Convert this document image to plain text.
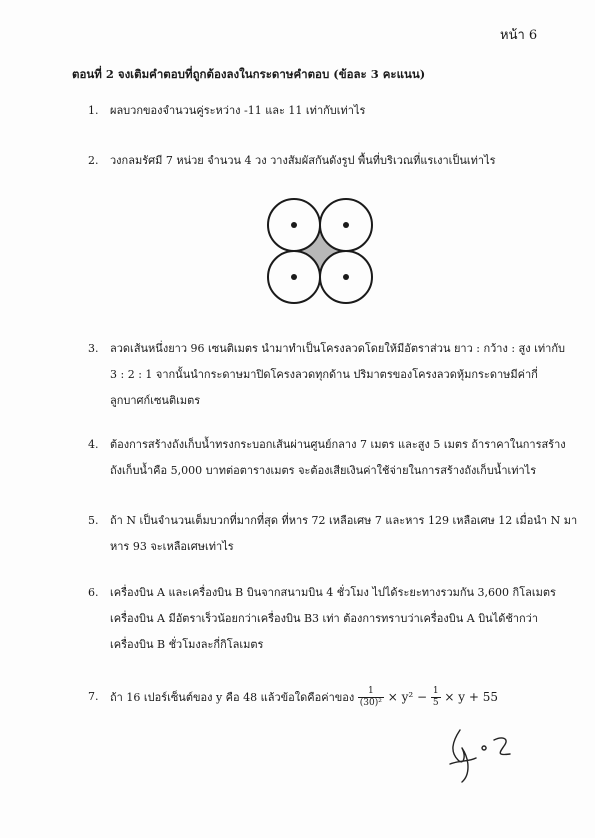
หน้า 6
ตอนที่ 2 จงเติมคำตอบที่ถูกต้องลงในกระดาษคำตอบ (ข้อละ 3 คะแนน)
1. ผลบวกของจำนวนคู่ระหว่าง -11 และ 11 เท่ากับเท่าไร
2. วงกลมรัศมี 7 หน่วย จำนวน 4 วง วางสัมผัสกันดังรูป พื้นที่บริเวณที่แรเงาเป็นเท่าไร
3. ลวดเส้นหนึ่งยาว 96 เซนติเมตร นำมาทำเป็นโครงลวดโดยให้มีอัตราส่วน ยาว : กว้าง : สูง เท่ากับ
3 : 2 : 1 จากนั้นนำกระดาษมาปิดโครงลวดทุกด้าน ปริมาตรของโครงลวดหุ้มกระดาษมีค่ากี่
ลูกบาศก์เซนติเมตร
4. ต้องการสร้างถังเก็บน้ำทรงกระบอกเส้นผ่านศูนย์กลาง 7 เมตร และสูง 5 เมตร ถ้าราคาในการสร้าง
ถังเก็บน้ำคือ 5,000 บาทต่อตารางเมตร จะต้องเสียเงินค่าใช้จ่ายในการสร้างถังเก็บน้ำเท่าไร
5. ถ้า N เป็นจำนวนเต็มบวกที่มากที่สุด ที่หาร 72 เหลือเศษ 7 และหาร 129 เหลือเศษ 12 เมื่อนำ N มา
หาร 93 จะเหลือเศษเท่าไร
6. เครื่องบิน A และเครื่องบิน B บินจากสนามบิน 4 ชั่วโมง ไปได้ระยะทางรวมกัน 3,600 กิโลเมตร
เครื่องบิน A มีอัตราเร็วน้อยกว่าเครื่องบิน B3 เท่า ต้องการทราบว่าเครื่องบิน A บินได้ช้ากว่า
เครื่องบิน B ชั่วโมงละกี่กิโลเมตร
7. ถ้า 16 เปอร์เซ็นต์ของ y คือ 48 แล้วข้อใดคือค่าของ $\frac{1}{\text{(30)²}} \times y^2 - \frac{1}{5} \times y + 55$
